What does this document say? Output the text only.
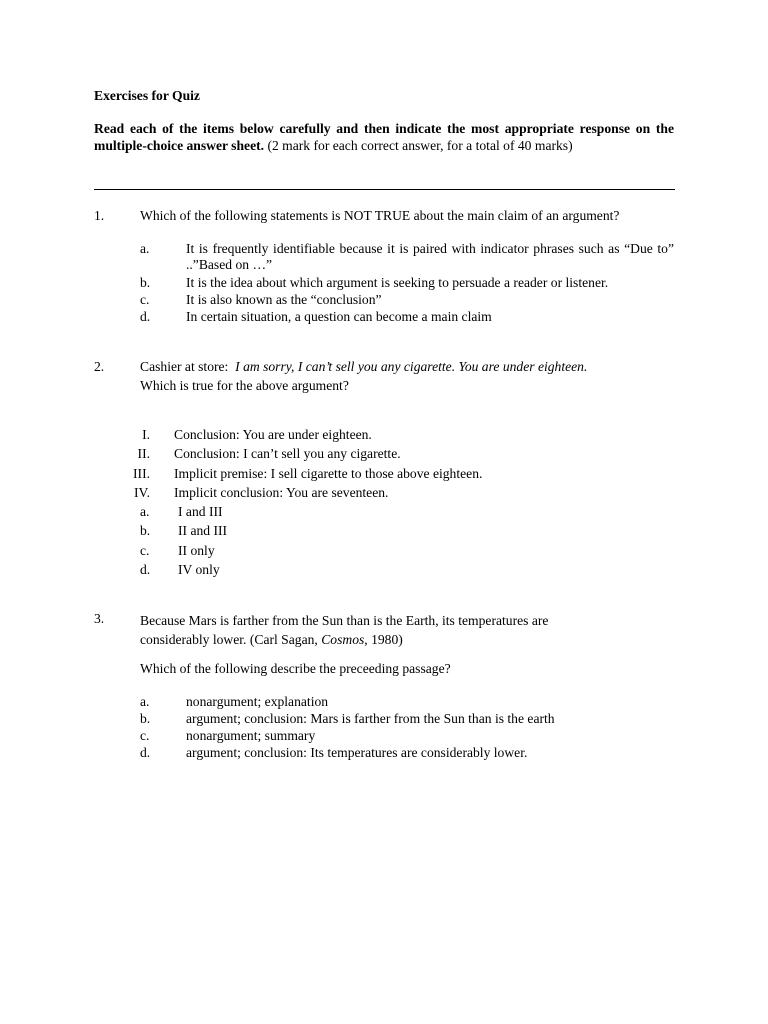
Exercises for Quiz
Read each of the items below carefully and then indicate the most appropriate response on the multiple-choice answer sheet. (2 mark for each correct answer, for a total of 40 marks)
1.	Which of the following statements is NOT TRUE about the main claim of an argument?
a.	It is frequently identifiable because it is paired with indicator phrases such as “Due to” ..”Based on …”
b.	It is the idea about which argument is seeking to persuade a reader or listener.
c.	It is also known as the “conclusion”
d.	In certain situation, a question can become a main claim
2.	Cashier at store: I am sorry, I can’t sell you any cigarette. You are under eighteen.
Which is true for the above argument?
I. Conclusion: You are under eighteen.
II. Conclusion: I can’t sell you any cigarette.
III. Implicit premise: I sell cigarette to those above eighteen.
IV. Implicit conclusion: You are seventeen.
a. I and III
b. II and III
c. II only
d. IV only
3.	Because Mars is farther from the Sun than is the Earth, its temperatures are considerably lower. (Carl Sagan, Cosmos, 1980)
Which of the following describe the preceeding passage?
a.	nonargument; explanation
b.	argument; conclusion: Mars is farther from the Sun than is the earth
c.	nonargument; summary
d.	argument; conclusion: Its temperatures are considerably lower.
